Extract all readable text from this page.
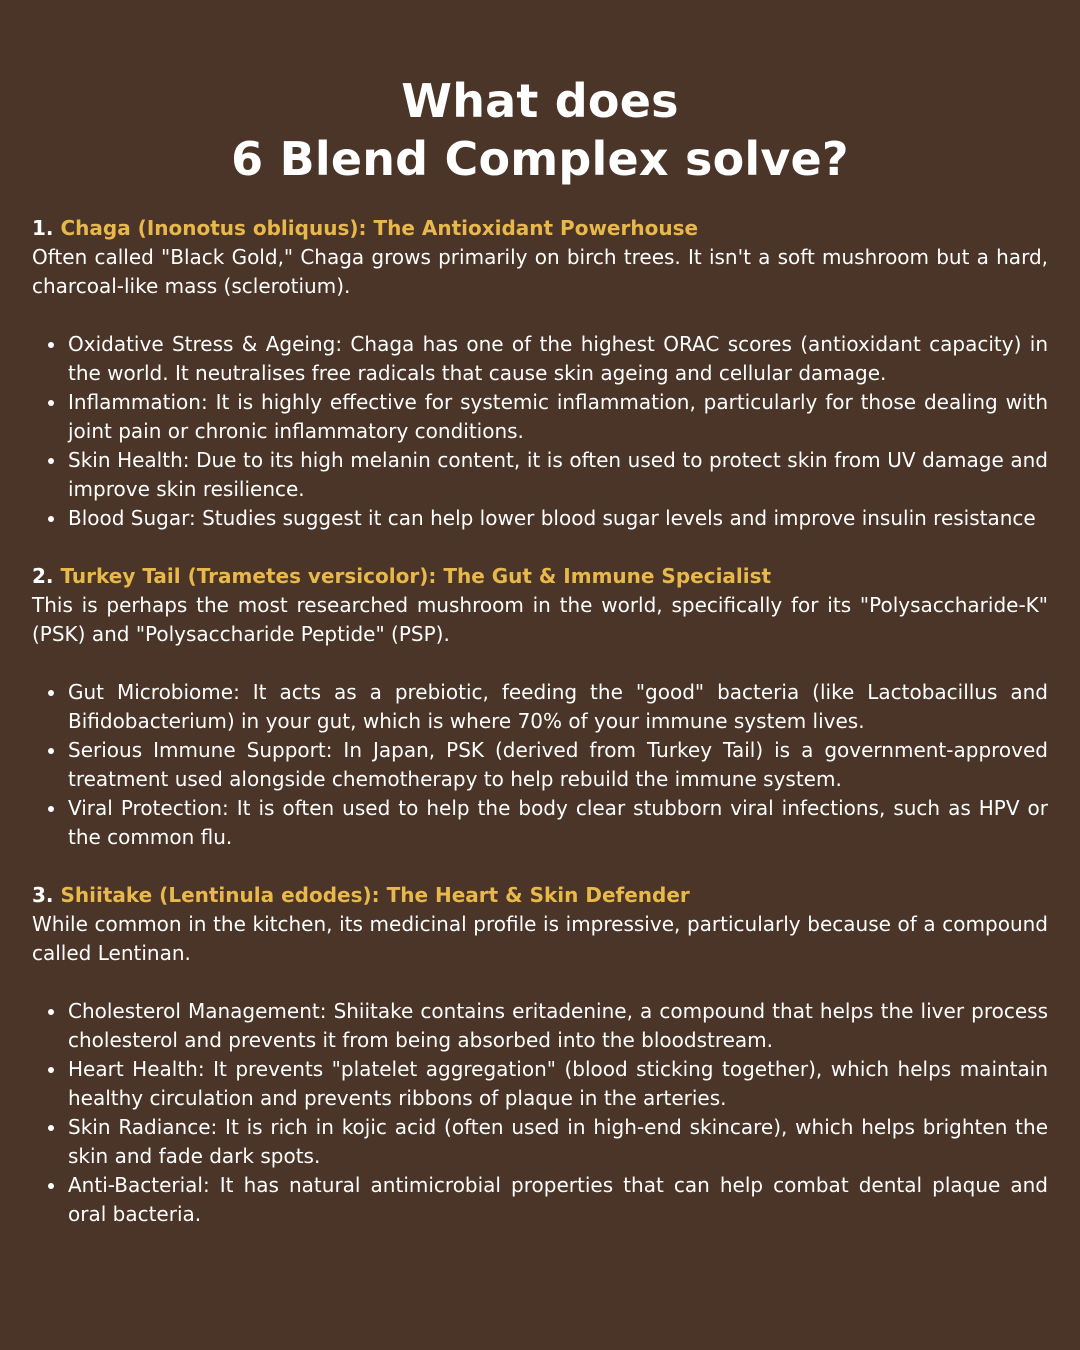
What does
6 Blend Complex solve?

1. Chaga (Inonotus obliquus): The Antioxidant Powerhouse

Often called "Black Gold," Chaga grows primarily on birch trees. It isn't a soft mushroom but a hard, charcoal-like mass (sclerotium).

Oxidative Stress & Ageing: Chaga has one of the highest ORAC scores (antioxidant capacity) in the world. It neutralises free radicals that cause skin ageing and cellular damage.
Inflammation: It is highly effective for systemic inflammation, particularly for those dealing with joint pain or chronic inflammatory conditions.
Skin Health: Due to its high melanin content, it is often used to protect skin from UV damage and improve skin resilience.
Blood Sugar: Studies suggest it can help lower blood sugar levels and improve insulin resistance

2. Turkey Tail (Trametes versicolor): The Gut & Immune Specialist

This is perhaps the most researched mushroom in the world, specifically for its "Polysaccharide-K" (PSK) and "Polysaccharide Peptide" (PSP).

Gut Microbiome: It acts as a prebiotic, feeding the "good" bacteria (like Lactobacillus and Bifidobacterium) in your gut, which is where 70% of your immune system lives.
Serious Immune Support: In Japan, PSK (derived from Turkey Tail) is a government-approved treatment used alongside chemotherapy to help rebuild the immune system.
Viral Protection: It is often used to help the body clear stubborn viral infections, such as HPV or the common flu.

3. Shiitake (Lentinula edodes): The Heart & Skin Defender

While common in the kitchen, its medicinal profile is impressive, particularly because of a compound called Lentinan.

Cholesterol Management: Shiitake contains eritadenine, a compound that helps the liver process cholesterol and prevents it from being absorbed into the bloodstream.
Heart Health: It prevents "platelet aggregation" (blood sticking together), which helps maintain healthy circulation and prevents ribbons of plaque in the arteries.
Skin Radiance: It is rich in kojic acid (often used in high-end skincare), which helps brighten the skin and fade dark spots.
Anti-Bacterial: It has natural antimicrobial properties that can help combat dental plaque and oral bacteria.
